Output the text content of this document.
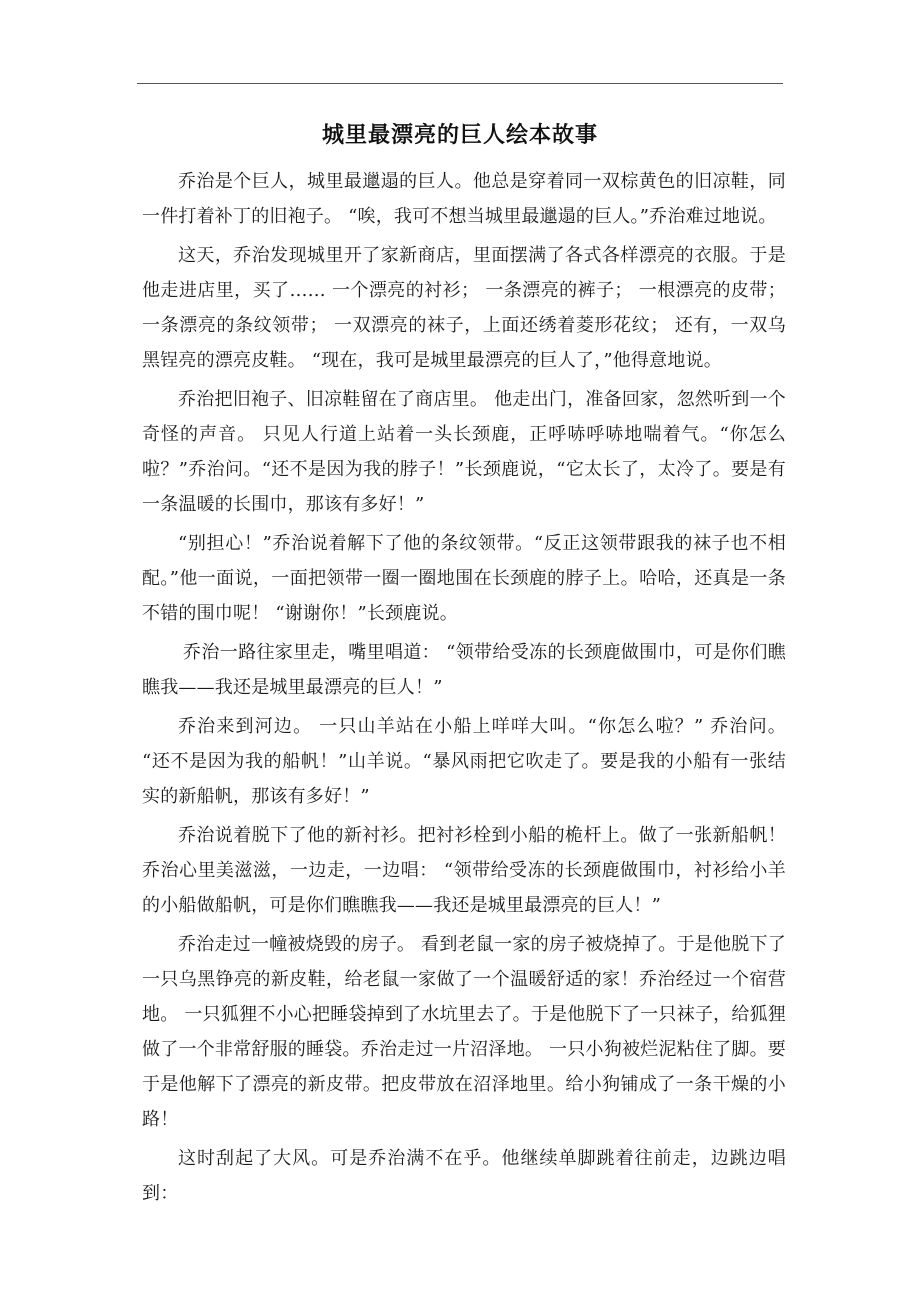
城里最漂亮的巨人绘本故事

乔治是个巨人，城里最邋遢的巨人。他总是穿着同一双棕黄色的旧凉鞋，同一件打着补丁的旧袍子。 “唉，我可不想当城里最邋遢的巨人。”乔治难过地说。

这天，乔治发现城里开了家新商店，里面摆满了各式各样漂亮的衣服。于是他走进店里，买了…… 一个漂亮的衬衫； 一条漂亮的裤子； 一根漂亮的皮带；一条漂亮的条纹领带； 一双漂亮的袜子，上面还绣着菱形花纹； 还有，一双乌黑锃亮的漂亮皮鞋。 “现在，我可是城里最漂亮的巨人了，”他得意地说。

乔治把旧袍子、旧凉鞋留在了商店里。 他走出门，准备回家，忽然听到一个奇怪的声音。 只见人行道上站着一头长颈鹿，正呼哧呼哧地喘着气。“你怎么啦？”乔治问。“还不是因为我的脖子！”长颈鹿说，“它太长了，太冷了。要是有一条温暖的长围巾，那该有多好！”

“别担心！”乔治说着解下了他的条纹领带。“反正这领带跟我的袜子也不相配。”他一面说，一面把领带一圈一圈地围在长颈鹿的脖子上。哈哈，还真是一条不错的围巾呢！ “谢谢你！”长颈鹿说。

乔治一路往家里走，嘴里唱道： “领带给受冻的长颈鹿做围巾，可是你们瞧瞧我——我还是城里最漂亮的巨人！”

乔治来到河边。 一只山羊站在小船上咩咩大叫。“你怎么啦？” 乔治问。 “还不是因为我的船帆！”山羊说。“暴风雨把它吹走了。要是我的小船有一张结实的新船帆，那该有多好！”

乔治说着脱下了他的新衬衫。把衬衫栓到小船的桅杆上。做了一张新船帆！乔治心里美滋滋，一边走，一边唱： “领带给受冻的长颈鹿做围巾，衬衫给小羊的小船做船帆，可是你们瞧瞧我——我还是城里最漂亮的巨人！”

乔治走过一幢被烧毁的房子。 看到老鼠一家的房子被烧掉了。于是他脱下了一只乌黑铮亮的新皮鞋，给老鼠一家做了一个温暖舒适的家！乔治经过一个宿营地。 一只狐狸不小心把睡袋掉到了水坑里去了。于是他脱下了一只袜子，给狐狸做了一个非常舒服的睡袋。乔治走过一片沼泽地。 一只小狗被烂泥粘住了脚。要于是他解下了漂亮的新皮带。把皮带放在沼泽地里。给小狗铺成了一条干燥的小路！

这时刮起了大风。可是乔治满不在乎。他继续单脚跳着往前走，边跳边唱到：
